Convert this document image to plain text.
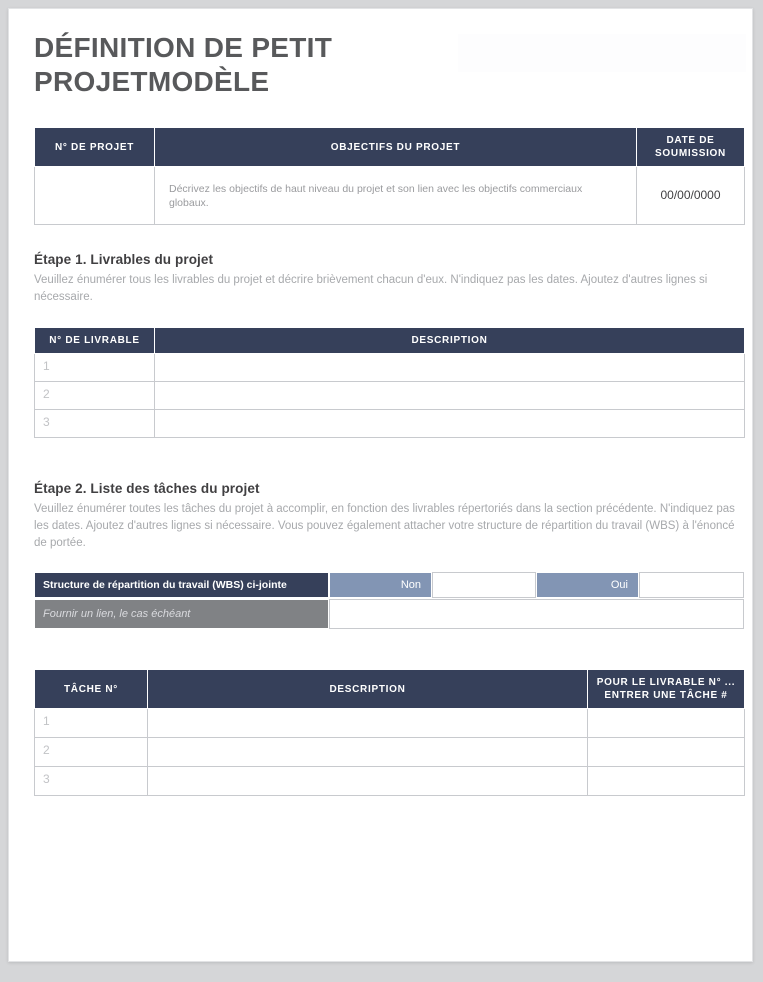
DÉFINITION DE PETIT PROJETMODÈLE
N° DE PROJET	OBJECTIFS DU PROJET	DATE DE SOUMISSION
	Décrivez les objectifs de haut niveau du projet et son lien avec les objectifs commerciaux globaux.	00/00/0000
Étape 1. Livrables du projet
Veuillez énumérer tous les livrables du projet et décrire brièvement chacun d'eux. N'indiquez pas les dates. Ajoutez d'autres lignes si nécessaire.
N° DE LIVRABLE	DESCRIPTION
1	
2	
3	
Étape 2. Liste des tâches du projet
Veuillez énumérer toutes les tâches du projet à accomplir, en fonction des livrables répertoriés dans la section précédente. N'indiquez pas les dates. Ajoutez d'autres lignes si nécessaire. Vous pouvez également attacher votre structure de répartition du travail (WBS) à l'énoncé de portée.
Structure de répartition du travail (WBS) ci-jointe	Non	Oui
Fournir un lien, le cas échéant
TÂCHE N°	DESCRIPTION	POUR LE LIVRABLE N° ...
ENTRER UNE TÂCHE #
1		
2		
3		
